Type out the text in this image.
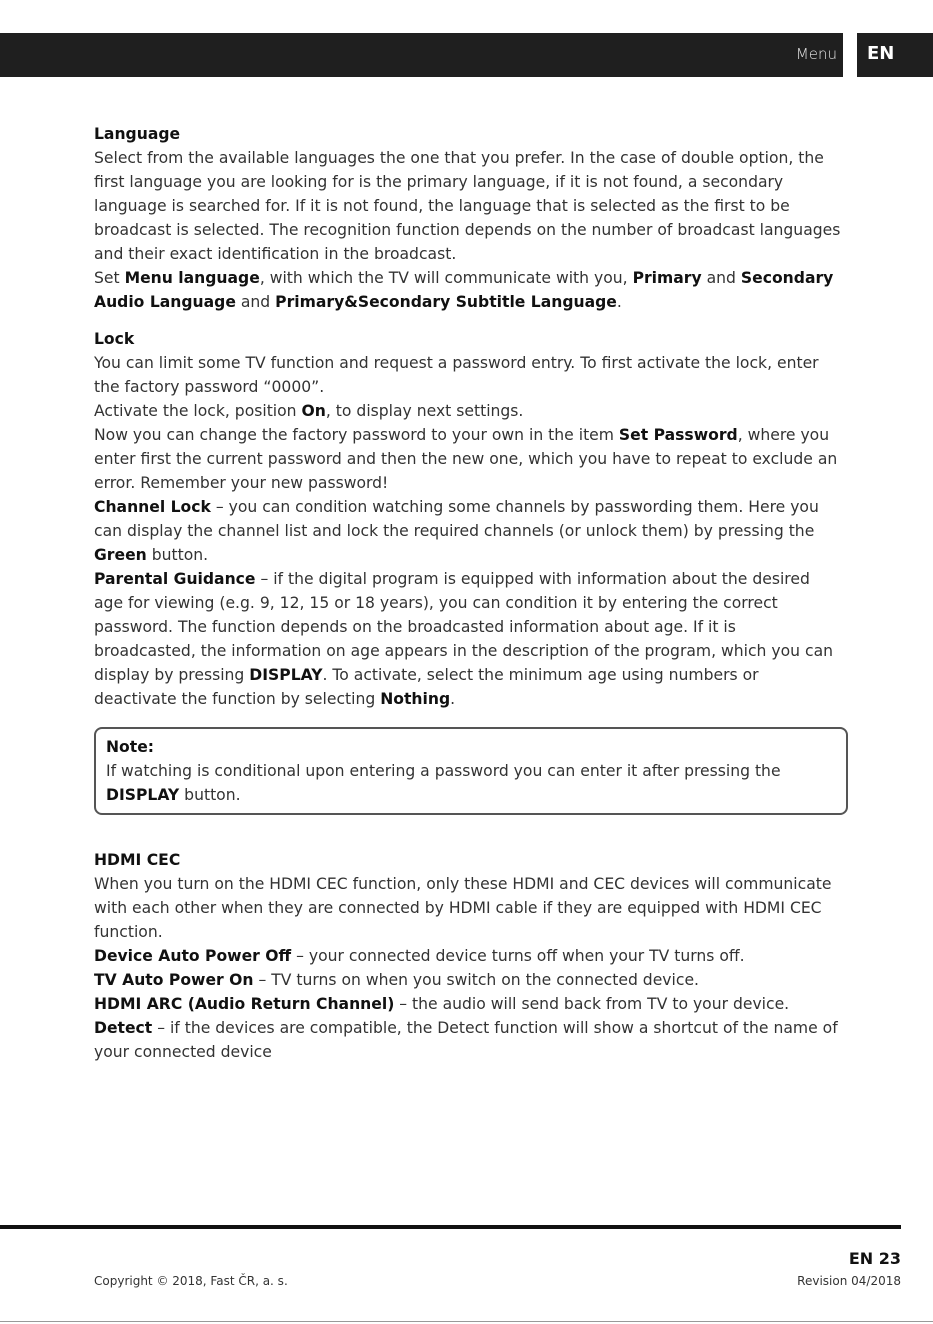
Menu EN

Language

Select from the available languages the one that you prefer. In the case of double option, the first language you are looking for is the primary language, if it is not found, a secondary language is searched for. If it is not found, the language that is selected as the first to be broadcast is selected. The recognition function depends on the number of broadcast languages and their exact identification in the broadcast.

Set Menu language, with which the TV will communicate with you, Primary and Secondary Audio Language and Primary&Secondary Subtitle Language.

Lock

You can limit some TV function and request a password entry. To first activate the lock, enter the factory password “0000”.

Activate the lock, position On, to display next settings.

Now you can change the factory password to your own in the item Set Password, where you enter first the current password and then the new one, which you have to repeat to exclude an error. Remember your new password!

Channel Lock – you can condition watching some channels by passwording them. Here you can display the channel list and lock the required channels (or unlock them) by pressing the Green button.

Parental Guidance – if the digital program is equipped with information about the desired age for viewing (e.g. 9, 12, 15 or 18 years), you can condition it by entering the correct password. The function depends on the broadcasted information about age. If it is broadcasted, the information on age appears in the description of the program, which you can display by pressing DISPLAY. To activate, select the minimum age using numbers or deactivate the function by selecting Nothing.

Note:

If watching is conditional upon entering a password you can enter it after pressing the DISPLAY button.

HDMI CEC

When you turn on the HDMI CEC function, only these HDMI and CEC devices will communicate with each other when they are connected by HDMI cable if they are equipped with HDMI CEC function.

Device Auto Power Off – your connected device turns off when your TV turns off.

TV Auto Power On – TV turns on when you switch on the connected device.

HDMI ARC (Audio Return Channel) – the audio will send back from TV to your device.

Detect – if the devices are compatible, the Detect function will show a shortcut of the name of your connected device

EN 23
Copyright © 2018, Fast ČR, a. s.	Revision 04/2018
